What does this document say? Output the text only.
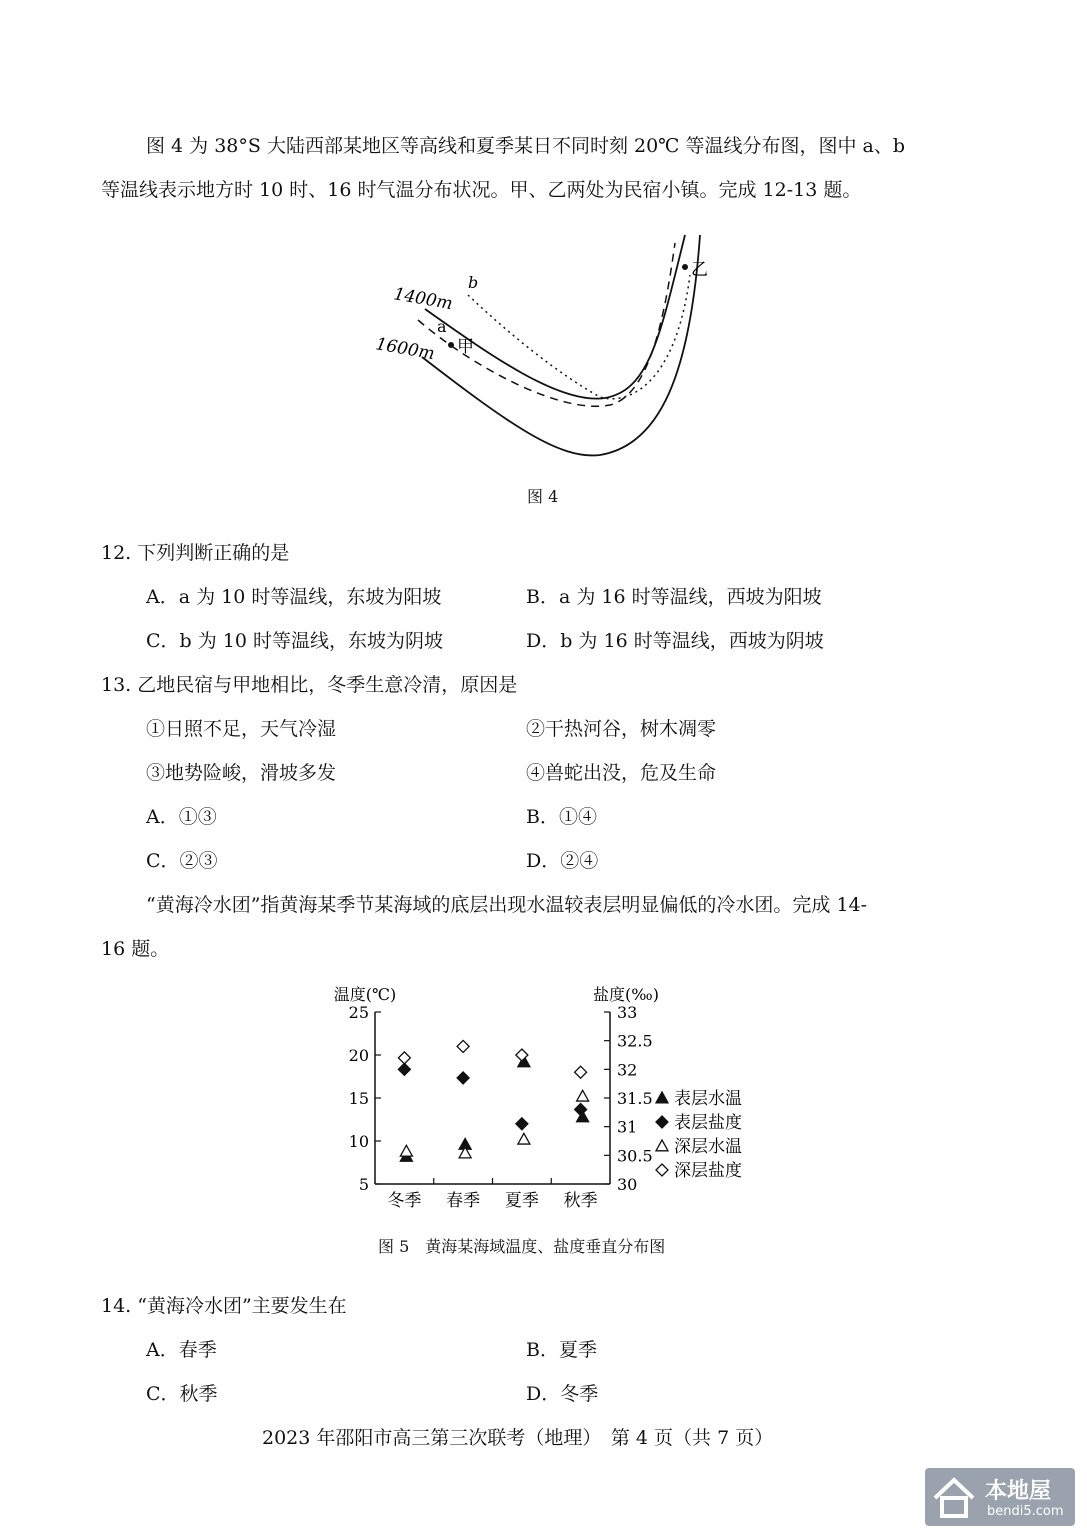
图 4 为 38°S 大陆西部某地区等高线和夏季某日不同时刻 20℃ 等温线分布图，图中 a、b
等温线表示地方时 10 时、16 时气温分布状况。甲、乙两处为民宿小镇。完成 12-13 题。
1400m
1600m
a
b
甲
乙
图 4
12. 下列判断正确的是
A．a 为 10 时等温线，东坡为阳坡	B．a 为 16 时等温线，西坡为阳坡
C．b 为 10 时等温线，东坡为阴坡	D．b 为 16 时等温线，西坡为阴坡
13. 乙地民宿与甲地相比，冬季生意冷清，原因是
①日照不足，天气冷湿	②干热河谷，树木凋零
③地势险峻，滑坡多发	④兽蛇出没，危及生命
A．①③	B．①④
C．②③	D．②④
“黄海冷水团”指黄海某季节某海域的底层出现水温较表层明显偏低的冷水团。完成 14-
16 题。
温度(℃)	盐度(‰)
5
10
15
20
25
30
30.5
31
31.5
32
32.5
33
冬季 春季 夏季 秋季
表层水温
表层盐度
深层水温
深层盐度
图 5　黄海某海域温度、盐度垂直分布图
14. “黄海冷水团”主要发生在
A．春季	B．夏季
C．秋季	D．冬季
2023 年邵阳市高三第三次联考（地理）　第 4 页（共 7 页）
本地屋
bendi5.com
